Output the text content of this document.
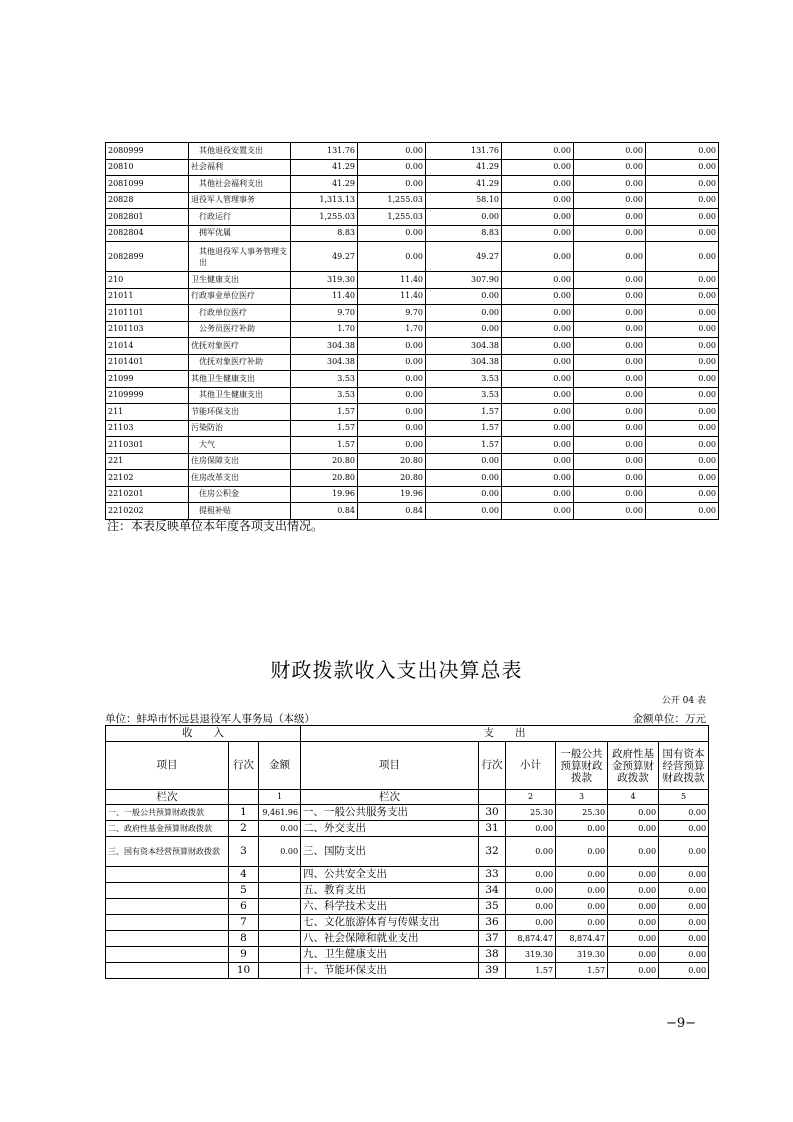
2080999	其他退役安置支出	131.76	0.00	131.76	0.00	0.00	0.00
20810	社会福利	41.29	0.00	41.29	0.00	0.00	0.00
2081099	其他社会福利支出	41.29	0.00	41.29	0.00	0.00	0.00
20828	退役军人管理事务	1,313.13	1,255.03	58.10	0.00	0.00	0.00
2082801	行政运行	1,255.03	1,255.03	0.00	0.00	0.00	0.00
2082804	拥军优属	8.83	0.00	8.83	0.00	0.00	0.00
2082899	其他退役军人事务管理支出	49.27	0.00	49.27	0.00	0.00	0.00
210	卫生健康支出	319.30	11.40	307.90	0.00	0.00	0.00
21011	行政事业单位医疗	11.40	11.40	0.00	0.00	0.00	0.00
2101101	行政单位医疗	9.70	9.70	0.00	0.00	0.00	0.00
2101103	公务员医疗补助	1.70	1.70	0.00	0.00	0.00	0.00
21014	优抚对象医疗	304.38	0.00	304.38	0.00	0.00	0.00
2101401	优抚对象医疗补助	304.38	0.00	304.38	0.00	0.00	0.00
21099	其他卫生健康支出	3.53	0.00	3.53	0.00	0.00	0.00
2109999	其他卫生健康支出	3.53	0.00	3.53	0.00	0.00	0.00
211	节能环保支出	1.57	0.00	1.57	0.00	0.00	0.00
21103	污染防治	1.57	0.00	1.57	0.00	0.00	0.00
2110301	大气	1.57	0.00	1.57	0.00	0.00	0.00
221	住房保障支出	20.80	20.80	0.00	0.00	0.00	0.00
22102	住房改革支出	20.80	20.80	0.00	0.00	0.00	0.00
2210201	住房公积金	19.96	19.96	0.00	0.00	0.00	0.00
2210202	提租补贴	0.84	0.84	0.00	0.00	0.00	0.00
注：本表反映单位本年度各项支出情况。
财政拨款收入支出决算总表
公开 04 表
单位：蚌埠市怀远县退役军人事务局（本级）	金额单位：万元
收　　入			支　　出					
项目	行次	金额	项目	行次	小计	一般公共预算财政拨款	政府性基金预算财政拨款	国有资本经营预算财政拨款
栏次		1	栏次		2	3	4	5
一、一般公共预算财政拨款	1	9,461.96	一、一般公共服务支出	30	25.30	25.30	0.00	0.00
二、政府性基金预算财政拨款	2	0.00	二、外交支出	31	0.00	0.00	0.00	0.00
三、国有资本经营预算财政拨款	3	0.00	三、国防支出	32	0.00	0.00	0.00	0.00
	4		四、公共安全支出	33	0.00	0.00	0.00	0.00
	5		五、教育支出	34	0.00	0.00	0.00	0.00
	6		六、科学技术支出	35	0.00	0.00	0.00	0.00
	7		七、文化旅游体育与传媒支出	36	0.00	0.00	0.00	0.00
	8		八、社会保障和就业支出	37	8,874.47	8,874.47	0.00	0.00
	9		九、卫生健康支出	38	319.30	319.30	0.00	0.00
	10		十、节能环保支出	39	1.57	1.57	0.00	0.00
−9−
